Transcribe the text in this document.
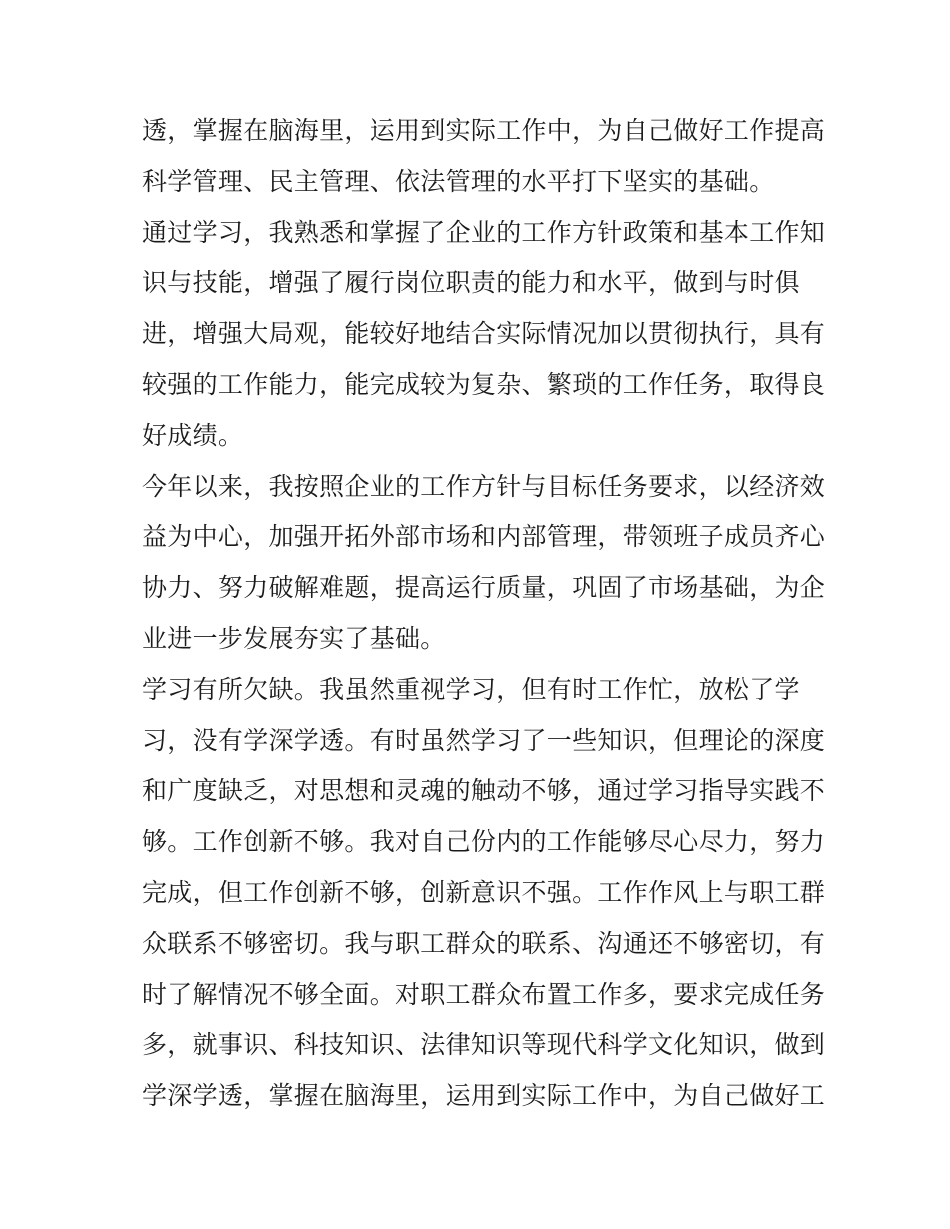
透，掌握在脑海里，运用到实际工作中，为自己做好工作提高
科学管理、民主管理、依法管理的水平打下坚实的基础。
通过学习，我熟悉和掌握了企业的工作方针政策和基本工作知
识与技能，增强了履行岗位职责的能力和水平，做到与时俱
进，增强大局观，能较好地结合实际情况加以贯彻执行，具有
较强的工作能力，能完成较为复杂、繁琐的工作任务，取得良
好成绩。
今年以来，我按照企业的工作方针与目标任务要求，以经济效
益为中心，加强开拓外部市场和内部管理，带领班子成员齐心
协力、努力破解难题，提高运行质量，巩固了市场基础，为企
业进一步发展夯实了基础。
学习有所欠缺。我虽然重视学习，但有时工作忙，放松了学
习，没有学深学透。有时虽然学习了一些知识，但理论的深度
和广度缺乏，对思想和灵魂的触动不够，通过学习指导实践不
够。工作创新不够。我对自己份内的工作能够尽心尽力，努力
完成，但工作创新不够，创新意识不强。工作作风上与职工群
众联系不够密切。我与职工群众的联系、沟通还不够密切，有
时了解情况不够全面。对职工群众布置工作多，要求完成任务
多，就事识、科技知识、法律知识等现代科学文化知识，做到
学深学透，掌握在脑海里，运用到实际工作中，为自己做好工
